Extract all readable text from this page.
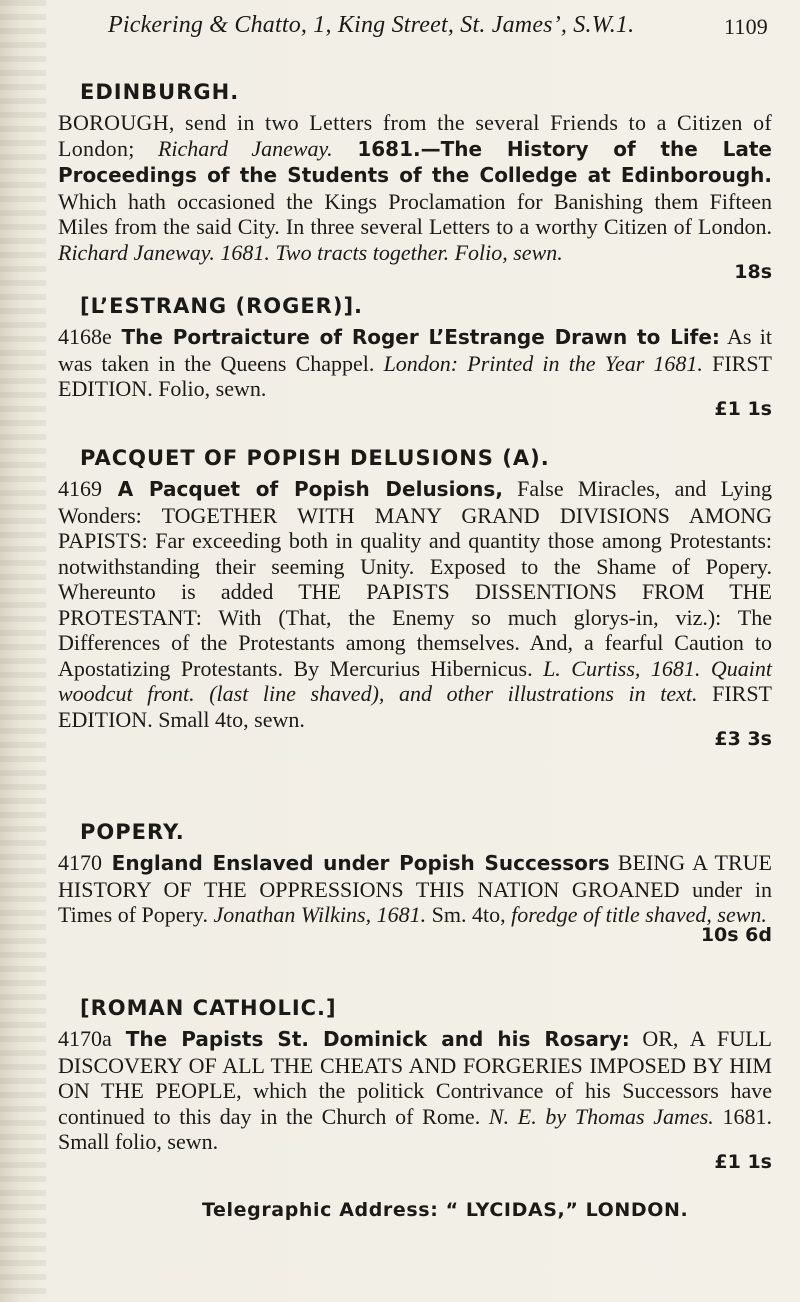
Pickering & Chatto, 1, King Street, St. James’, S.W.1.	1109
EDINBURGH.
BOROUGH, send in two Letters from the several Friends to a Citizen of London; Richard Janeway. 1681.—The History of the Late Proceedings of the Students of the Colledge at Edinborough. Which hath occasioned the Kings Proclamation for Banishing them Fifteen Miles from the said City. In three several Letters to a worthy Citizen of London. Richard Janeway. 1681. Two tracts together. Folio, sewn.
18s
[L’ESTRANG (ROGER)].
4168e The Portraicture of Roger L’Estrange Drawn to Life: As it was taken in the Queens Chappel. London: Printed in the Year 1681. FIRST EDITION. Folio, sewn.
£1 1s
PACQUET OF POPISH DELUSIONS (A).
4169 A Pacquet of Popish Delusions, False Miracles, and Lying Wonders: TOGETHER WITH MANY GRAND DIVISIONS AMONG PAPISTS: Far exceeding both in quality and quantity those among Protestants: notwithstanding their seeming Unity. Exposed to the Shame of Popery. Whereunto is added THE PAPISTS DISSENTIONS FROM THE PROTESTANT: With (That, the Enemy so much glorys-in, viz.): The Differences of the Protestants among themselves. And, a fearful Caution to Apostatizing Protestants. By Mercurius Hibernicus. L. Curtiss, 1681. Quaint woodcut front. (last line shaved), and other illustrations in text. FIRST EDITION. Small 4to, sewn.
£3 3s
POPERY.
4170 England Enslaved under Popish Successors BEING A TRUE HISTORY OF THE OPPRESSIONS THIS NATION GROANED under in Times of Popery. Jonathan Wilkins, 1681. Sm. 4to, foredge of title shaved, sewn.
10s 6d
[ROMAN CATHOLIC.]
4170a The Papists St. Dominick and his Rosary: OR, A FULL DISCOVERY OF ALL THE CHEATS AND FORGERIES IMPOSED BY HIM ON THE PEOPLE, which the politick Contrivance of his Successors have continued to this day in the Church of Rome. N. E. by Thomas James. 1681. Small folio, sewn.
£1 1s
Telegraphic Address: “ LYCIDAS,” LONDON.
